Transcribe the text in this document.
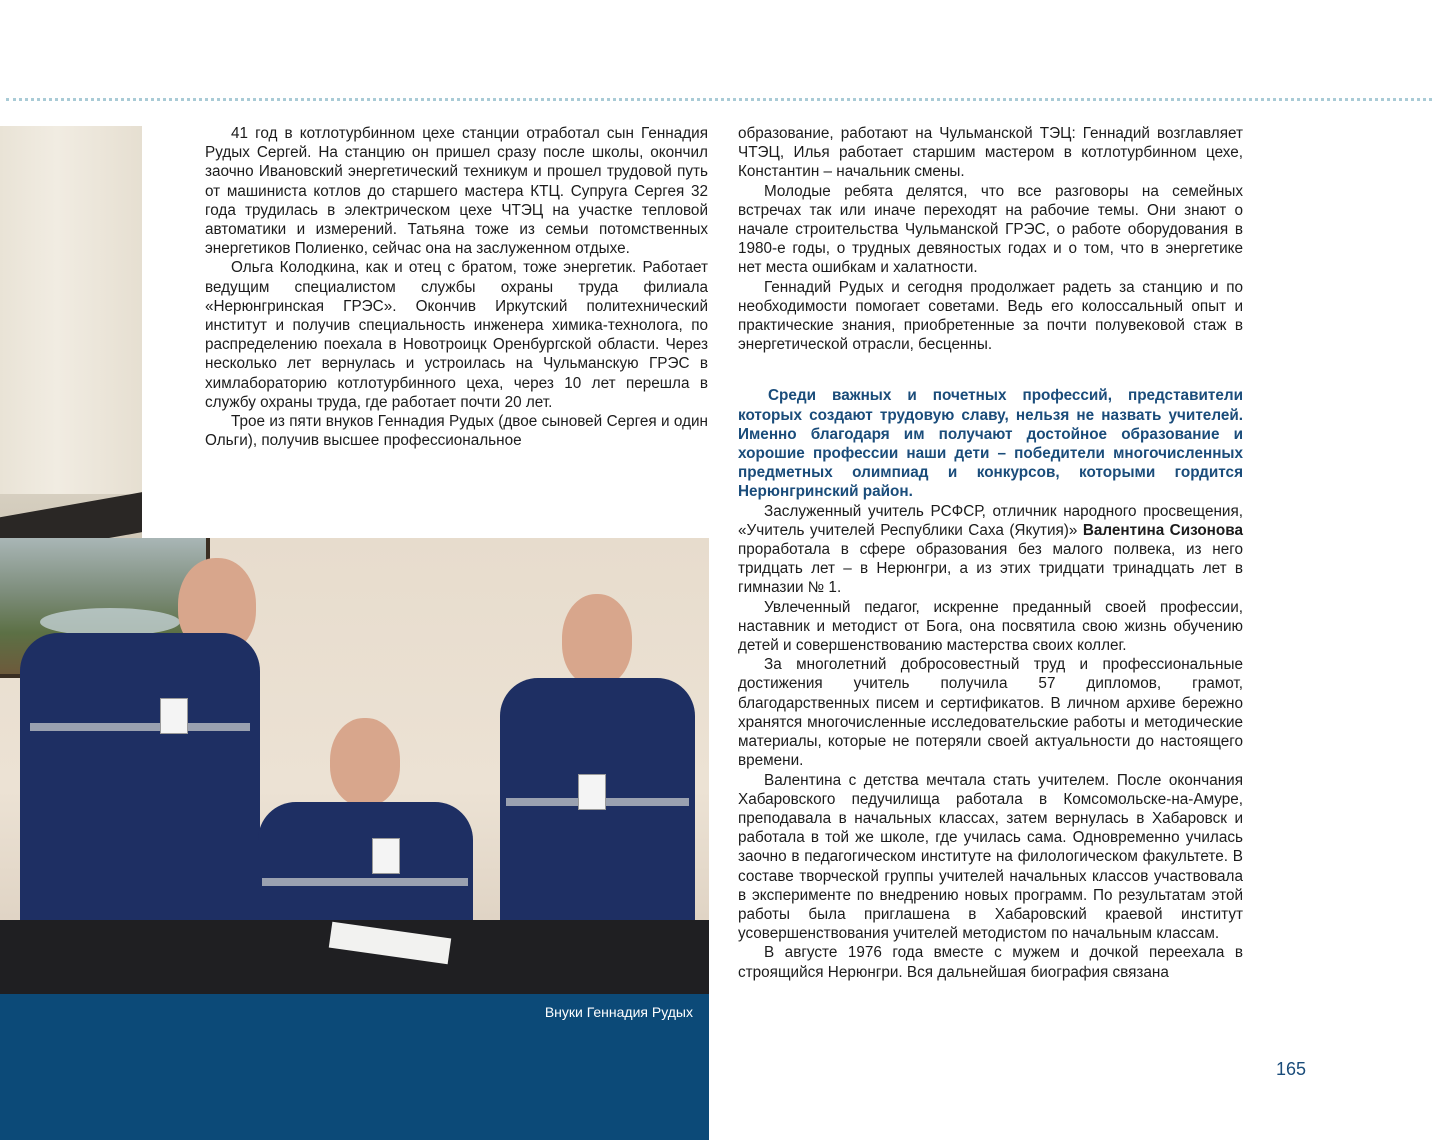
Внуки Геннадия Рудых

41 год в котлотурбинном цехе станции отработал сын Геннадия Рудых Сергей. На станцию он пришел сразу после школы, окончил заочно Ивановский энергетический техникум и прошел трудовой путь от машиниста котлов до старшего мастера КТЦ. Супруга Сергея 32 года трудилась в электрическом цехе ЧТЭЦ на участке тепловой автоматики и измерений. Татьяна тоже из семьи потомственных энергетиков Полиенко, сейчас она на заслуженном отдыхе.

Ольга Колодкина, как и отец с братом, тоже энергетик. Работает ведущим специалистом службы охраны труда филиала «Нерюнгринская ГРЭС». Окончив Иркутский политехнический институт и получив специальность инженера химика-технолога, по распределению поехала в Новотроицк Оренбургской области. Через несколько лет вернулась и устроилась на Чульманскую ГРЭС в химлабораторию котлотурбинного цеха, через 10 лет перешла в службу охраны труда, где работает почти 20 лет.

Трое из пяти внуков Геннадия Рудых (двое сыновей Сергея и один Ольги), получив высшее профессиональное

образование, работают на Чульманской ТЭЦ: Геннадий возглавляет ЧТЭЦ, Илья работает старшим мастером в котлотурбинном цехе, Константин – начальник смены.

Молодые ребята делятся, что все разговоры на семейных встречах так или иначе переходят на рабочие темы. Они знают о начале строительства Чульманской ГРЭС, о работе оборудования в 1980-е годы, о трудных девяностых годах и о том, что в энергетике нет места ошибкам и халатности.

Геннадий Рудых и сегодня продолжает радеть за станцию и по необходимости помогает советами. Ведь его колоссальный опыт и практические знания, приобретенные за почти полувековой стаж в энергетической отрасли, бесценны.

Среди важных и почетных профессий, представители которых создают трудовую славу, нельзя не назвать учителей. Именно благодаря им получают достойное образование и хорошие профессии наши дети – победители многочисленных предметных олимпиад и конкурсов, которыми гордится Нерюнгринский район.

Заслуженный учитель РСФСР, отличник народного просвещения, «Учитель учителей Республики Саха (Якутия)» Валентина Сизонова проработала в сфере образования без малого полвека, из него тридцать лет – в Нерюнгри, а из этих тридцати тринадцать лет в гимназии № 1.

Увлеченный педагог, искренне преданный своей профессии, наставник и методист от Бога, она посвятила свою жизнь обучению детей и совершенствованию мастерства своих коллег.

За многолетний добросовестный труд и профессиональные достижения учитель получила 57 дипломов, грамот, благодарственных писем и сертификатов. В личном архиве бережно хранятся многочисленные исследовательские работы и методические материалы, которые не потеряли своей актуальности до настоящего времени.

Валентина с детства мечтала стать учителем. После окончания Хабаровского педучилища работала в Комсомольске-на-Амуре, преподавала в начальных классах, затем вернулась в Хабаровск и работала в той же школе, где училась сама. Одновременно училась заочно в педагогическом институте на филологическом факультете. В составе творческой группы учителей начальных классов участвовала в эксперименте по внедрению новых программ. По результатам этой работы была приглашена в Хабаровский краевой институт усовершенствования учителей методистом по начальным классам.

В августе 1976 года вместе с мужем и дочкой переехала в строящийся Нерюнгри. Вся дальнейшая биография связана

165
